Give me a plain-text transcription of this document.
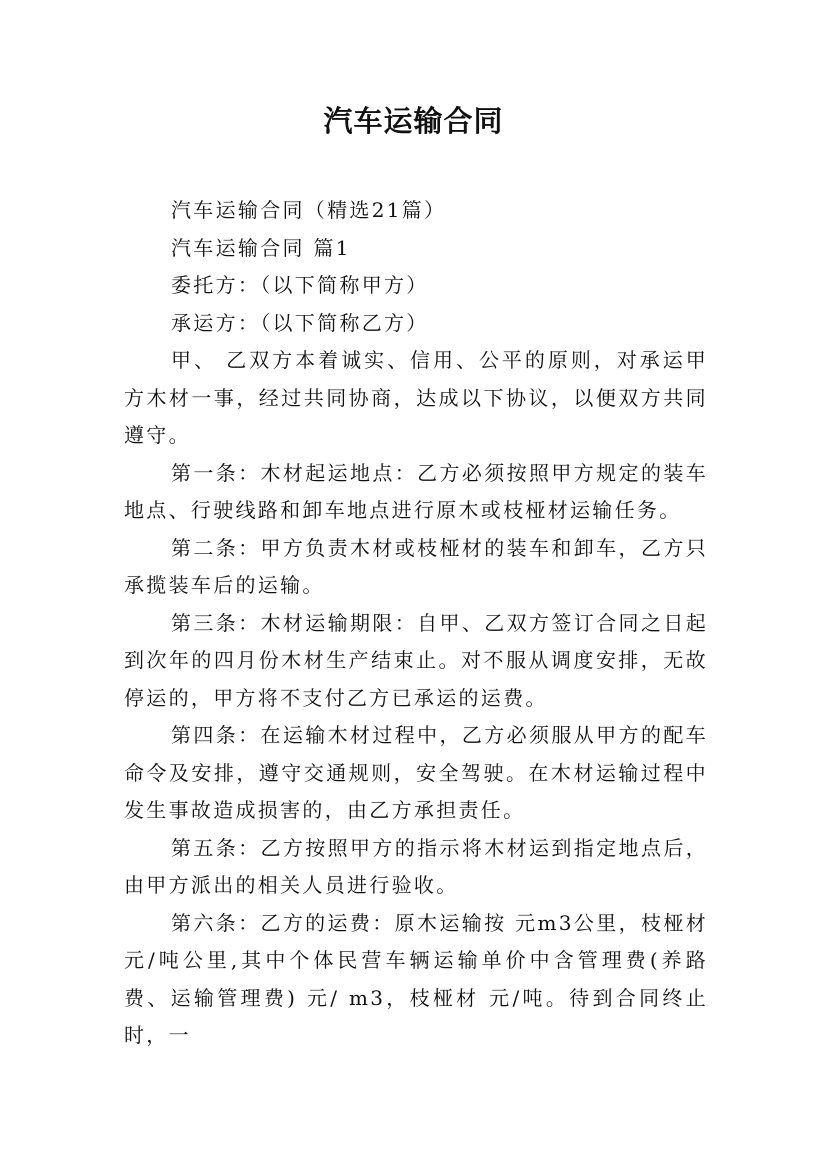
汽车运输合同

汽车运输合同（精选21篇）

汽车运输合同 篇1

委托方：（以下简称甲方）

承运方：（以下简称乙方）

甲、 乙双方本着诚实、信用、公平的原则，对承运甲方木材一事，经过共同协商，达成以下协议，以便双方共同遵守。

第一条：木材起运地点：乙方必须按照甲方规定的装车地点、行驶线路和卸车地点进行原木或枝桠材运输任务。

第二条：甲方负责木材或枝桠材的装车和卸车，乙方只承揽装车后的运输。

第三条：木材运输期限：自甲、乙双方签订合同之日起到次年的四月份木材生产结束止。对不服从调度安排，无故停运的，甲方将不支付乙方已承运的运费。

第四条：在运输木材过程中，乙方必须服从甲方的配车命令及安排，遵守交通规则，安全驾驶。在木材运输过程中发生事故造成损害的，由乙方承担责任。

第五条：乙方按照甲方的指示将木材运到指定地点后，由甲方派出的相关人员进行验收。

第六条：乙方的运费：原木运输按 元m3公里，枝桠材元/吨公里,其中个体民营车辆运输单价中含管理费(养路费、运输管理费) 元/ m3，枝桠材 元/吨。待到合同终止时，一
